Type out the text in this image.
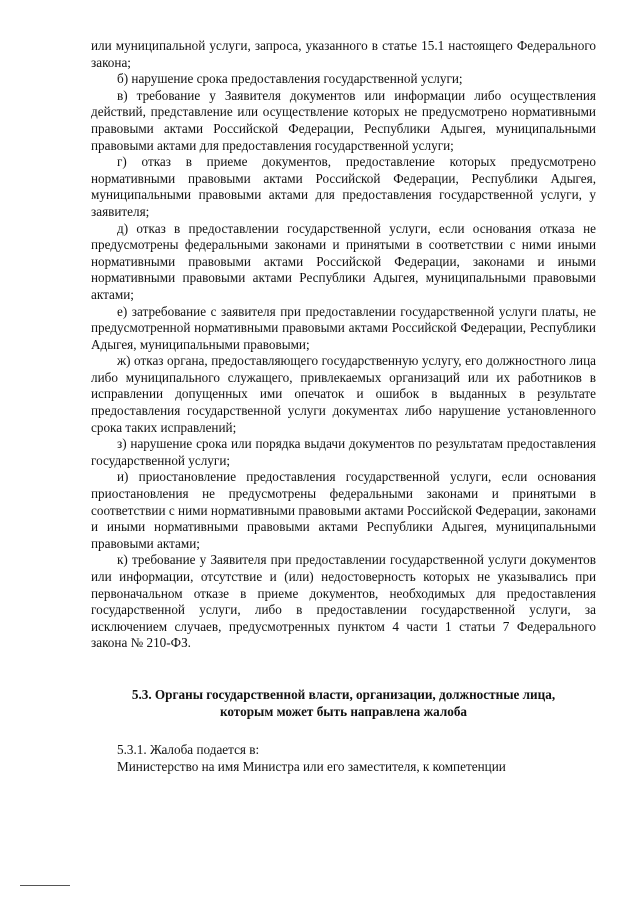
или муниципальной услуги, запроса, указанного в статье 15.1 настоящего Федерального закона;

б) нарушение срока предоставления государственной услуги;

в) требование у Заявителя документов или информации либо осуществления действий, представление или осуществление которых не предусмотрено нормативными правовыми актами Российской Федерации, Республики Адыгея, муниципальными правовыми актами для предоставления государственной услуги;

г) отказ в приеме документов, предоставление которых предусмотрено нормативными правовыми актами Российской Федерации, Республики Адыгея, муниципальными правовыми актами для предоставления государственной услуги, у заявителя;

д) отказ в предоставлении государственной услуги, если основания отказа не предусмотрены федеральными законами и принятыми в соответствии с ними иными нормативными правовыми актами Российской Федерации, законами и иными нормативными правовыми актами Республики Адыгея, муниципальными правовыми актами;

е) затребование с заявителя при предоставлении государственной услуги платы, не предусмотренной нормативными правовыми актами Российской Федерации, Республики Адыгея, муниципальными правовыми;

ж) отказ органа, предоставляющего государственную услугу, его должностного лица либо муниципального служащего, привлекаемых организаций или их работников в исправлении допущенных ими опечаток и ошибок в выданных в результате предоставления государственной услуги документах либо нарушение установленного срока таких исправлений;

з) нарушение срока или порядка выдачи документов по результатам предоставления государственной услуги;

и) приостановление предоставления государственной услуги, если основания приостановления не предусмотрены федеральными законами и принятыми в соответствии с ними нормативными правовыми актами Российской Федерации, законами и иными нормативными правовыми актами Республики Адыгея, муниципальными правовыми актами;

к) требование у Заявителя при предоставлении государственной услуги документов или информации, отсутствие и (или) недостоверность которых не указывались при первоначальном отказе в приеме документов, необходимых для предоставления государственной услуги, либо в предоставлении государственной услуги, за исключением случаев, предусмотренных пунктом 4 части 1 статьи 7 Федерального закона № 210-ФЗ.

5.3. Органы государственной власти, организации, должностные лица,
которым может быть направлена жалоба

5.3.1. Жалоба подается в:

Министерство на имя Министра или его заместителя, к компетенции
